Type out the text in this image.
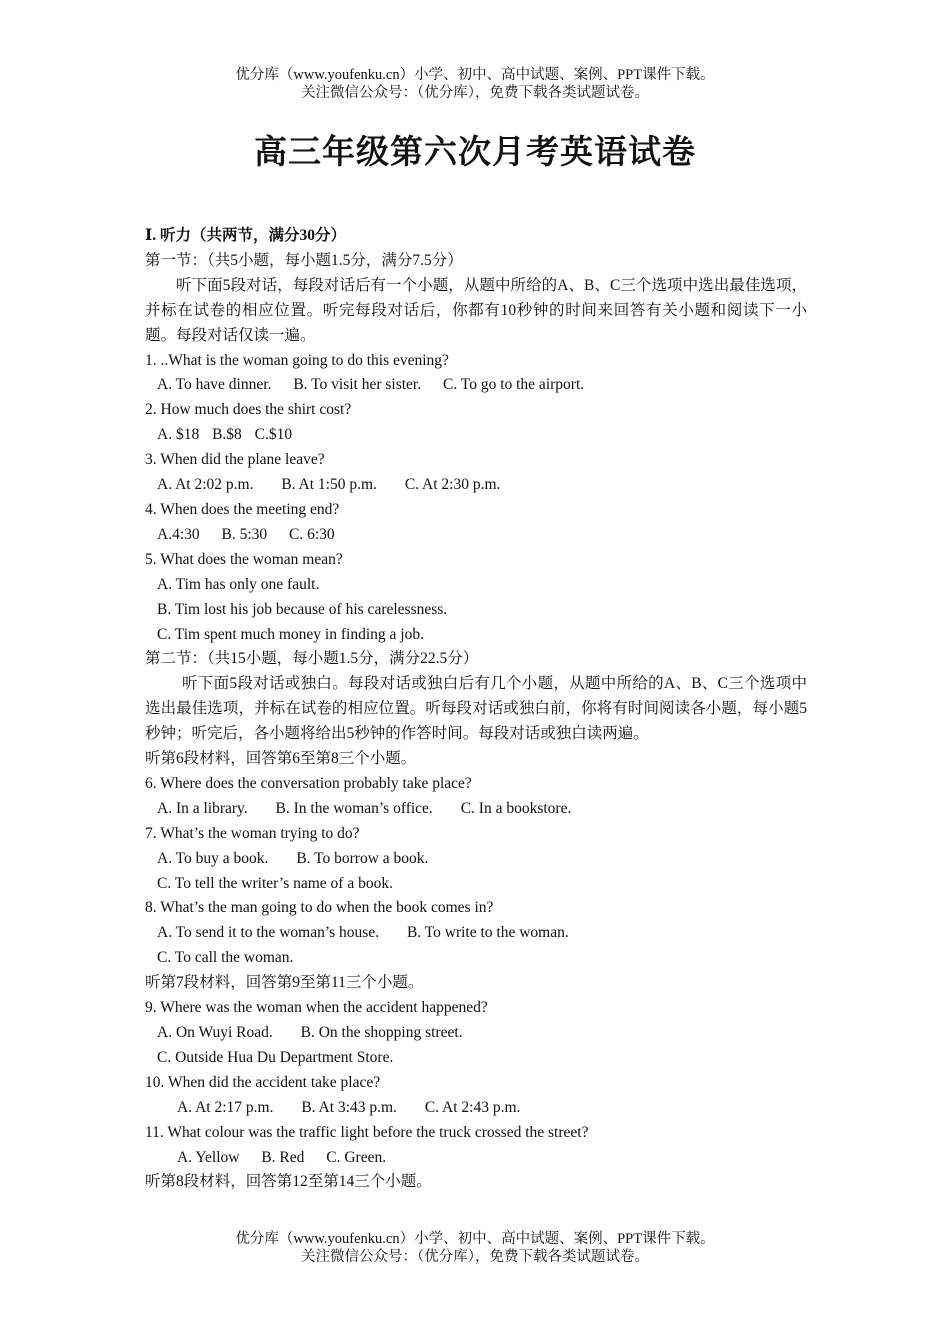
优分库（www.youfenku.cn）小学、初中、高中试题、案例、PPT课件下载。
关注微信公众号：（优分库），免费下载各类试题试卷。
高三年级第六次月考英语试卷
Ⅰ. 听力（共两节，满分30分）
第一节：（共5小题，每小题1.5分，满分7.5分）
听下面5段对话，每段对话后有一个小题，从题中所给的A、B、C三个选项中选出最佳选项，并标在试卷的相应位置。听完每段对话后，你都有10秒钟的时间来回答有关小题和阅读下一小题。每段对话仅读一遍。
1. ..What is the woman going to do this evening?
A. To have dinner. B. To visit her sister. C. To go to the airport.
2. How much does the shirt cost?
A. $18 B.$8 C.$10
3. When did the plane leave?
A. At 2:02 p.m. B. At 1:50 p.m. C. At 2:30 p.m.
4. When does the meeting end?
A.4:30 B. 5:30 C. 6:30
5. What does the woman mean?
A. Tim has only one fault.
B. Tim lost his job because of his carelessness.
C. Tim spent much money in finding a job.
第二节：（共15小题，每小题1.5分，满分22.5分）
听下面5段对话或独白。每段对话或独白后有几个小题，从题中所给的A、B、C三个选项中选出最佳选项，并标在试卷的相应位置。听每段对话或独白前，你将有时间阅读各小题，每小题5秒钟；听完后，各小题将给出5秒钟的作答时间。每段对话或独白读两遍。
听第6段材料，回答第6至第8三个小题。
6. Where does the conversation probably take place?
A. In a library. B. In the woman’s office. C. In a bookstore.
7. What’s the woman trying to do?
A. To buy a book. B. To borrow a book.
C. To tell the writer’s name of a book.
8. What’s the man going to do when the book comes in?
A. To send it to the woman’s house. B. To write to the woman.
C. To call the woman.
听第7段材料，回答第9至第11三个小题。
9. Where was the woman when the accident happened?
A. On Wuyi Road. B. On the shopping street.
C. Outside Hua Du Department Store.
10. When did the accident take place?
A. At 2:17 p.m. B. At 3:43 p.m. C. At 2:43 p.m.
11. What colour was the traffic light before the truck crossed the street?
A. Yellow B. Red C. Green.
听第8段材料，回答第12至第14三个小题。
优分库（www.youfenku.cn）小学、初中、高中试题、案例、PPT课件下载。
关注微信公众号：（优分库），免费下载各类试题试卷。
